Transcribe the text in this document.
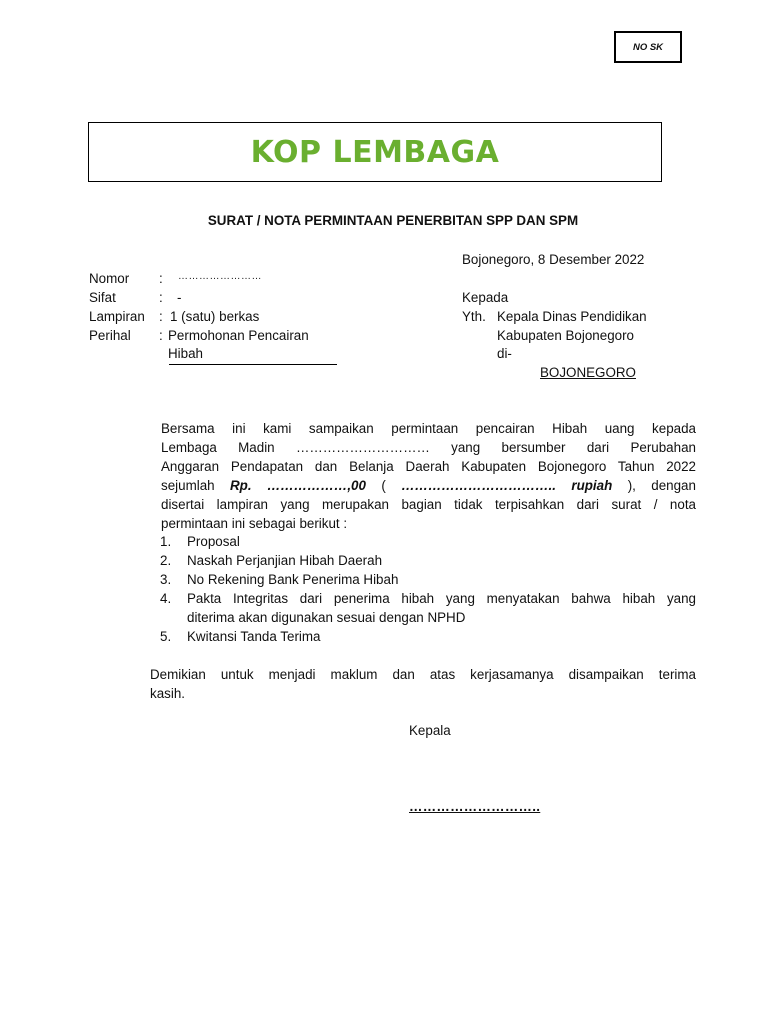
NO SK
KOP LEMBAGA
SURAT / NOTA PERMINTAAN PENERBITAN SPP DAN SPM
Bojonegoro, 8 Desember 2022
Nomor : ……………………
Sifat	: -
Lampiran : 1 (satu) berkas
Perihal : Permohonan Pencairan
Hibah
Kepada
Yth. Kepala Dinas Pendidikan
Kabupaten Bojonegoro
di-
BOJONEGORO
Bersama ini kami sampaikan permintaan pencairan Hibah uang kepada
Lembaga Madin ………………………… yang bersumber dari Perubahan
Anggaran Pendapatan dan Belanja Daerah Kabupaten Bojonegoro Tahun 2022
sejumlah Rp. ………………,00 ( …………………………….. rupiah ), dengan
disertai lampiran yang merupakan bagian tidak terpisahkan dari surat / nota
permintaan ini sebagai berikut :
1. Proposal
2. Naskah Perjanjian Hibah Daerah
3. No Rekening Bank Penerima Hibah
4. Pakta Integritas dari penerima hibah yang menyatakan bahwa hibah yang
diterima akan digunakan sesuai dengan NPHD
5. Kwitansi Tanda Terima
Demikian untuk menjadi maklum dan atas kerjasamanya disampaikan terima
kasih.
Kepala
………………………..
